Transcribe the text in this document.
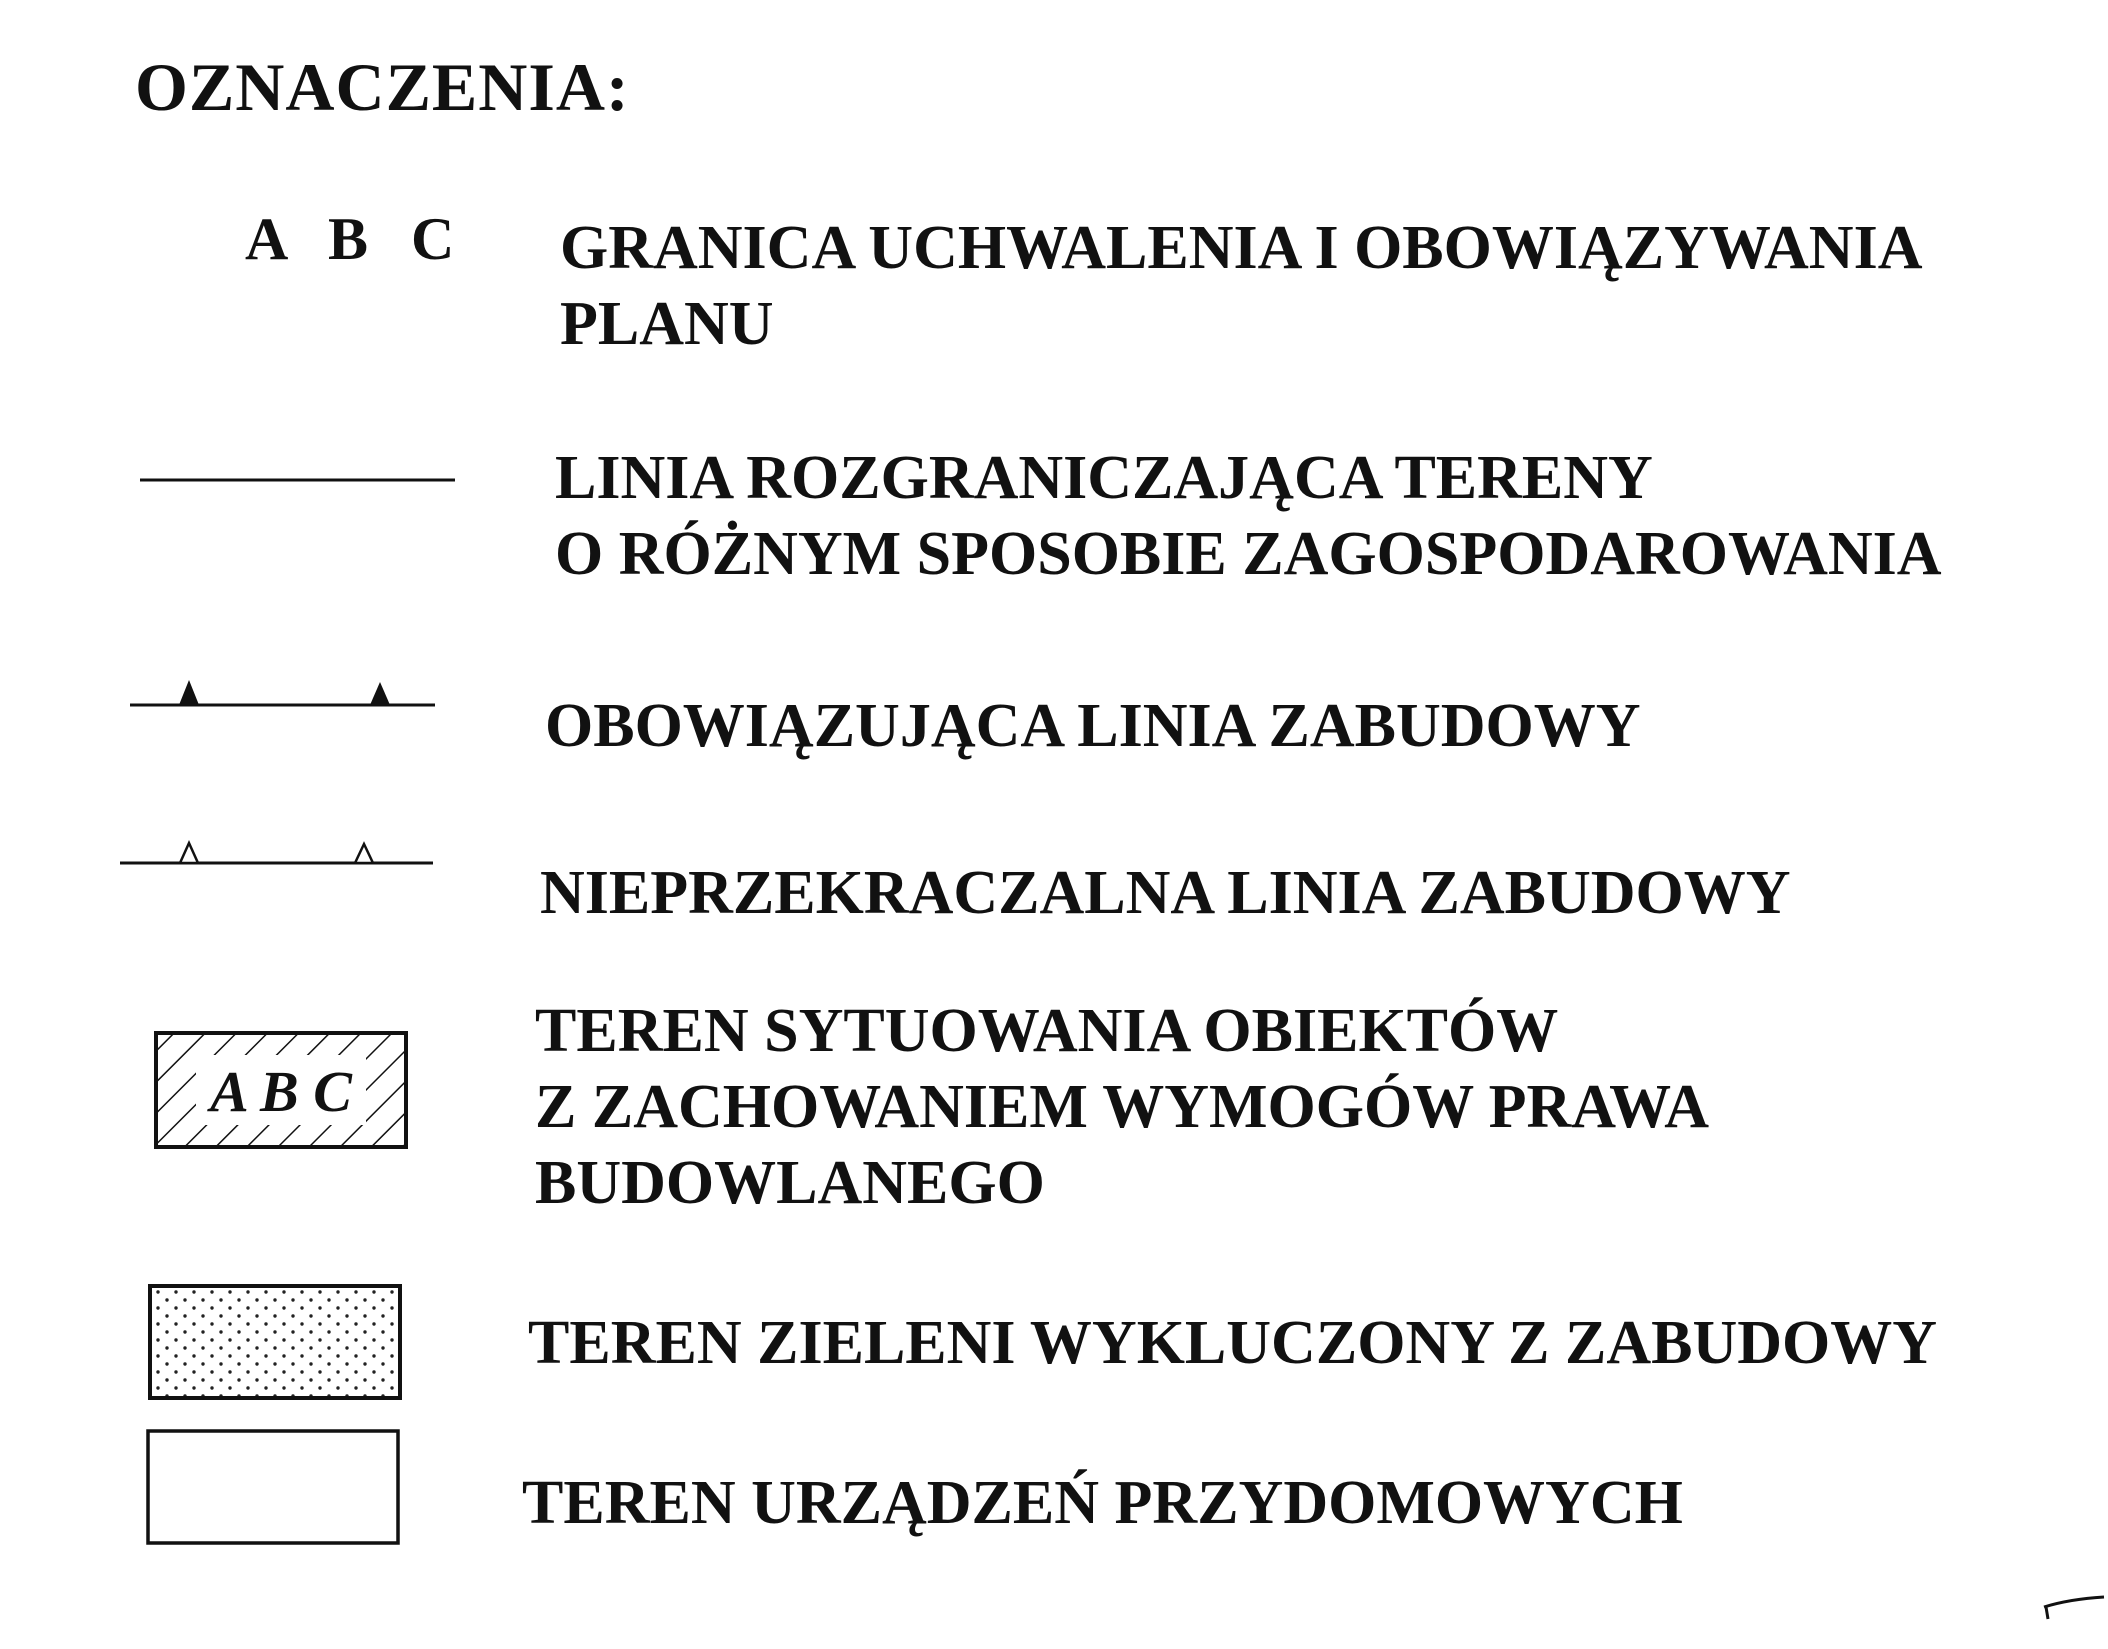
OZNACZENIA:
A B C GRANICA UCHWALENIA I OBOWIĄZYWANIA
PLANU
LINIA ROZGRANICZAJĄCA TERENY
O RÓŻNYM SPOSOBIE ZAGOSPODAROWANIA
OBOWIĄZUJĄCA LINIA ZABUDOWY
NIEPRZEKRACZALNA LINIA ZABUDOWY
A B C
TEREN SYTUOWANIA OBIEKTÓW
Z ZACHOWANIEM WYMOGÓW PRAWA
BUDOWLANEGO
TEREN ZIELENI WYKLUCZONY Z ZABUDOWY
TEREN URZĄDZEŃ PRZYDOMOWYCH
